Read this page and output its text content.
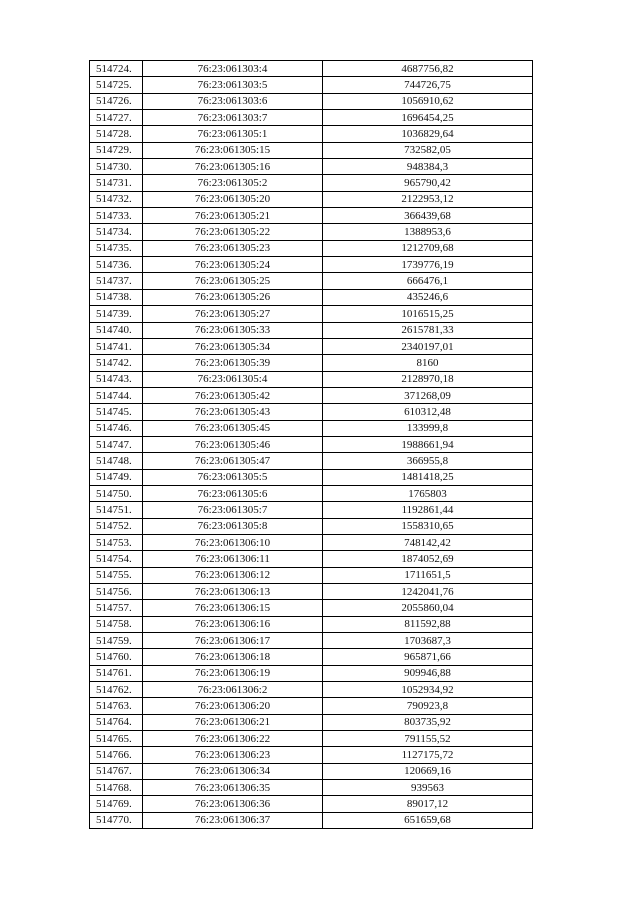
514724.	76:23:061303:4	4687756,82
514725.	76:23:061303:5	744726,75
514726.	76:23:061303:6	1056910,62
514727.	76:23:061303:7	1696454,25
514728.	76:23:061305:1	1036829,64
514729.	76:23:061305:15	732582,05
514730.	76:23:061305:16	948384,3
514731.	76:23:061305:2	965790,42
514732.	76:23:061305:20	2122953,12
514733.	76:23:061305:21	366439,68
514734.	76:23:061305:22	1388953,6
514735.	76:23:061305:23	1212709,68
514736.	76:23:061305:24	1739776,19
514737.	76:23:061305:25	666476,1
514738.	76:23:061305:26	435246,6
514739.	76:23:061305:27	1016515,25
514740.	76:23:061305:33	2615781,33
514741.	76:23:061305:34	2340197,01
514742.	76:23:061305:39	8160
514743.	76:23:061305:4	2128970,18
514744.	76:23:061305:42	371268,09
514745.	76:23:061305:43	610312,48
514746.	76:23:061305:45	133999,8
514747.	76:23:061305:46	1988661,94
514748.	76:23:061305:47	366955,8
514749.	76:23:061305:5	1481418,25
514750.	76:23:061305:6	1765803
514751.	76:23:061305:7	1192861,44
514752.	76:23:061305:8	1558310,65
514753.	76:23:061306:10	748142,42
514754.	76:23:061306:11	1874052,69
514755.	76:23:061306:12	1711651,5
514756.	76:23:061306:13	1242041,76
514757.	76:23:061306:15	2055860,04
514758.	76:23:061306:16	811592,88
514759.	76:23:061306:17	1703687,3
514760.	76:23:061306:18	965871,66
514761.	76:23:061306:19	909946,88
514762.	76:23:061306:2	1052934,92
514763.	76:23:061306:20	790923,8
514764.	76:23:061306:21	803735,92
514765.	76:23:061306:22	791155,52
514766.	76:23:061306:23	1127175,72
514767.	76:23:061306:34	120669,16
514768.	76:23:061306:35	939563
514769.	76:23:061306:36	89017,12
514770.	76:23:061306:37	651659,68
